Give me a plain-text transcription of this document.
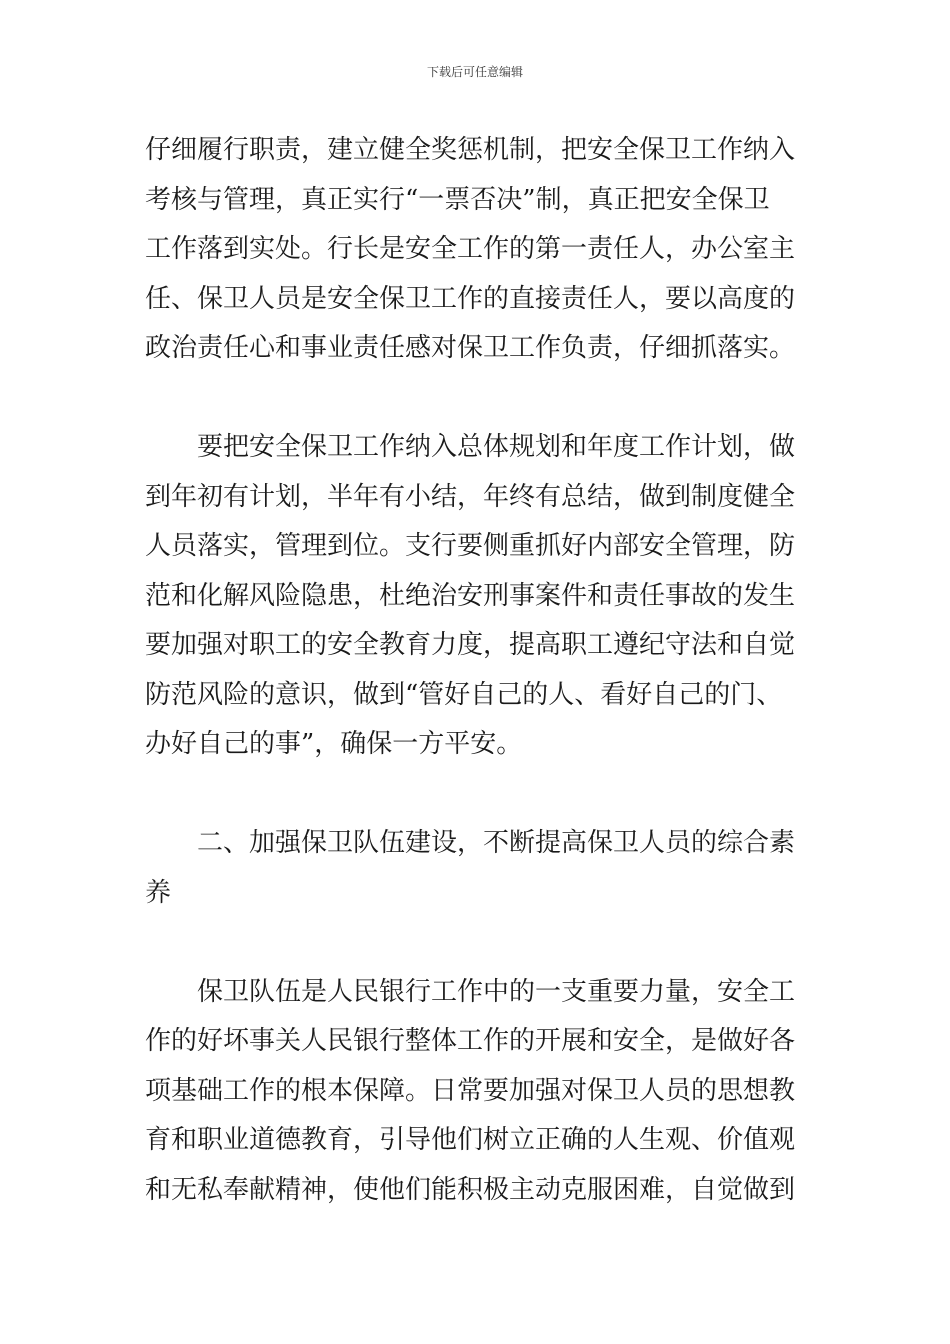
下载后可任意编辑
仔细履行职责，建立健全奖惩机制，把安全保卫工作纳入
考核与管理，真正实行“一票否决”制，真正把安全保卫
工作落到实处。行长是安全工作的第一责任人，办公室主
任、保卫人员是安全保卫工作的直接责任人，要以高度的
政治责任心和事业责任感对保卫工作负责，仔细抓落实。
要把安全保卫工作纳入总体规划和年度工作计划，做
到年初有计划，半年有小结，年终有总结，做到制度健全
人员落实，管理到位。支行要侧重抓好内部安全管理，防
范和化解风险隐患，杜绝治安刑事案件和责任事故的发生
要加强对职工的安全教育力度，提高职工遵纪守法和自觉
防范风险的意识，做到“管好自己的人、看好自己的门、
办好自己的事”，确保一方平安。
二、加强保卫队伍建设，不断提高保卫人员的综合素
养
保卫队伍是人民银行工作中的一支重要力量，安全工
作的好坏事关人民银行整体工作的开展和安全，是做好各
项基础工作的根本保障。日常要加强对保卫人员的思想教
育和职业道德教育，引导他们树立正确的人生观、价值观
和无私奉献精神，使他们能积极主动克服困难，自觉做到
